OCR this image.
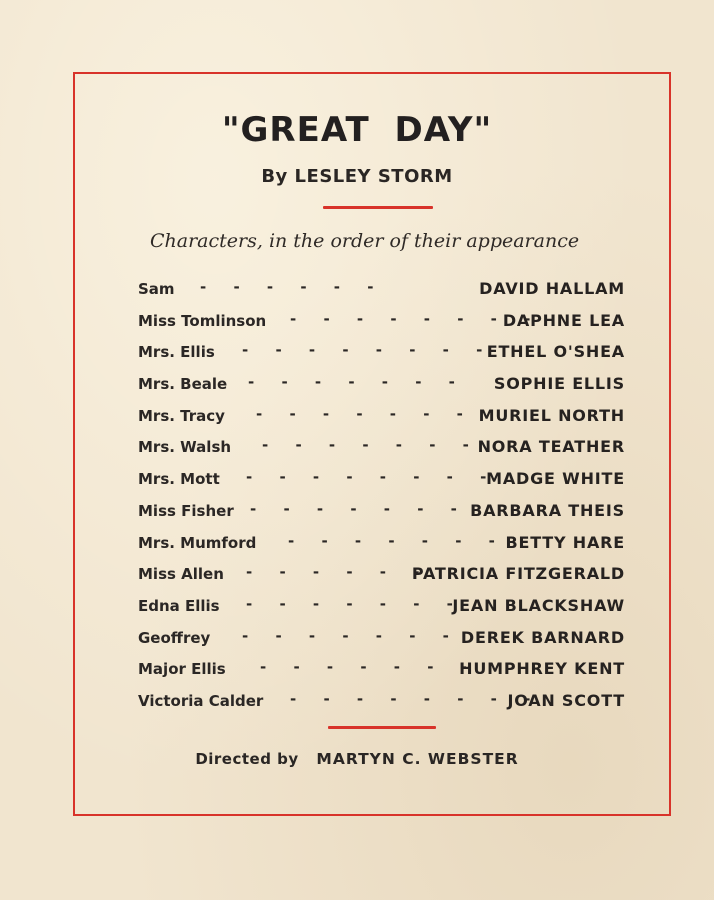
"GREAT DAY"
By LESLEY STORM
Characters, in the order of their appearance
Sam - - - - - -	DAVID HALLAM
Miss Tomlinson - - - - - - - -
DAPHNE LEA
Mrs. Ellis - - - - - - - - ETHEL O'SHEA
Mrs. Beale - - - - - - - SOPHIE ELLIS
Mrs. Tracy - - - - - - - MURIEL NORTH
Mrs. Walsh - - - - - - - NORA TEATHER
Mrs. Mott - - - - - - - - MADGE WHITE
Miss Fisher - - - - - - - BARBARA THEIS
Mrs. Mumford - - - - - - - BETTY HARE
Miss Allen - - - - - -
PATRICIA FITZGERALD
Edna Ellis - - - - - - - JEAN BLACKSHAW
Geoffrey - - - - - - - DEREK BARNARD
Major Ellis - - - - - - -
HUMPHREY KENT
Victoria Calder - - - - - - - -
JOAN SCOTT
Directed by MARTYN C. WEBSTER
